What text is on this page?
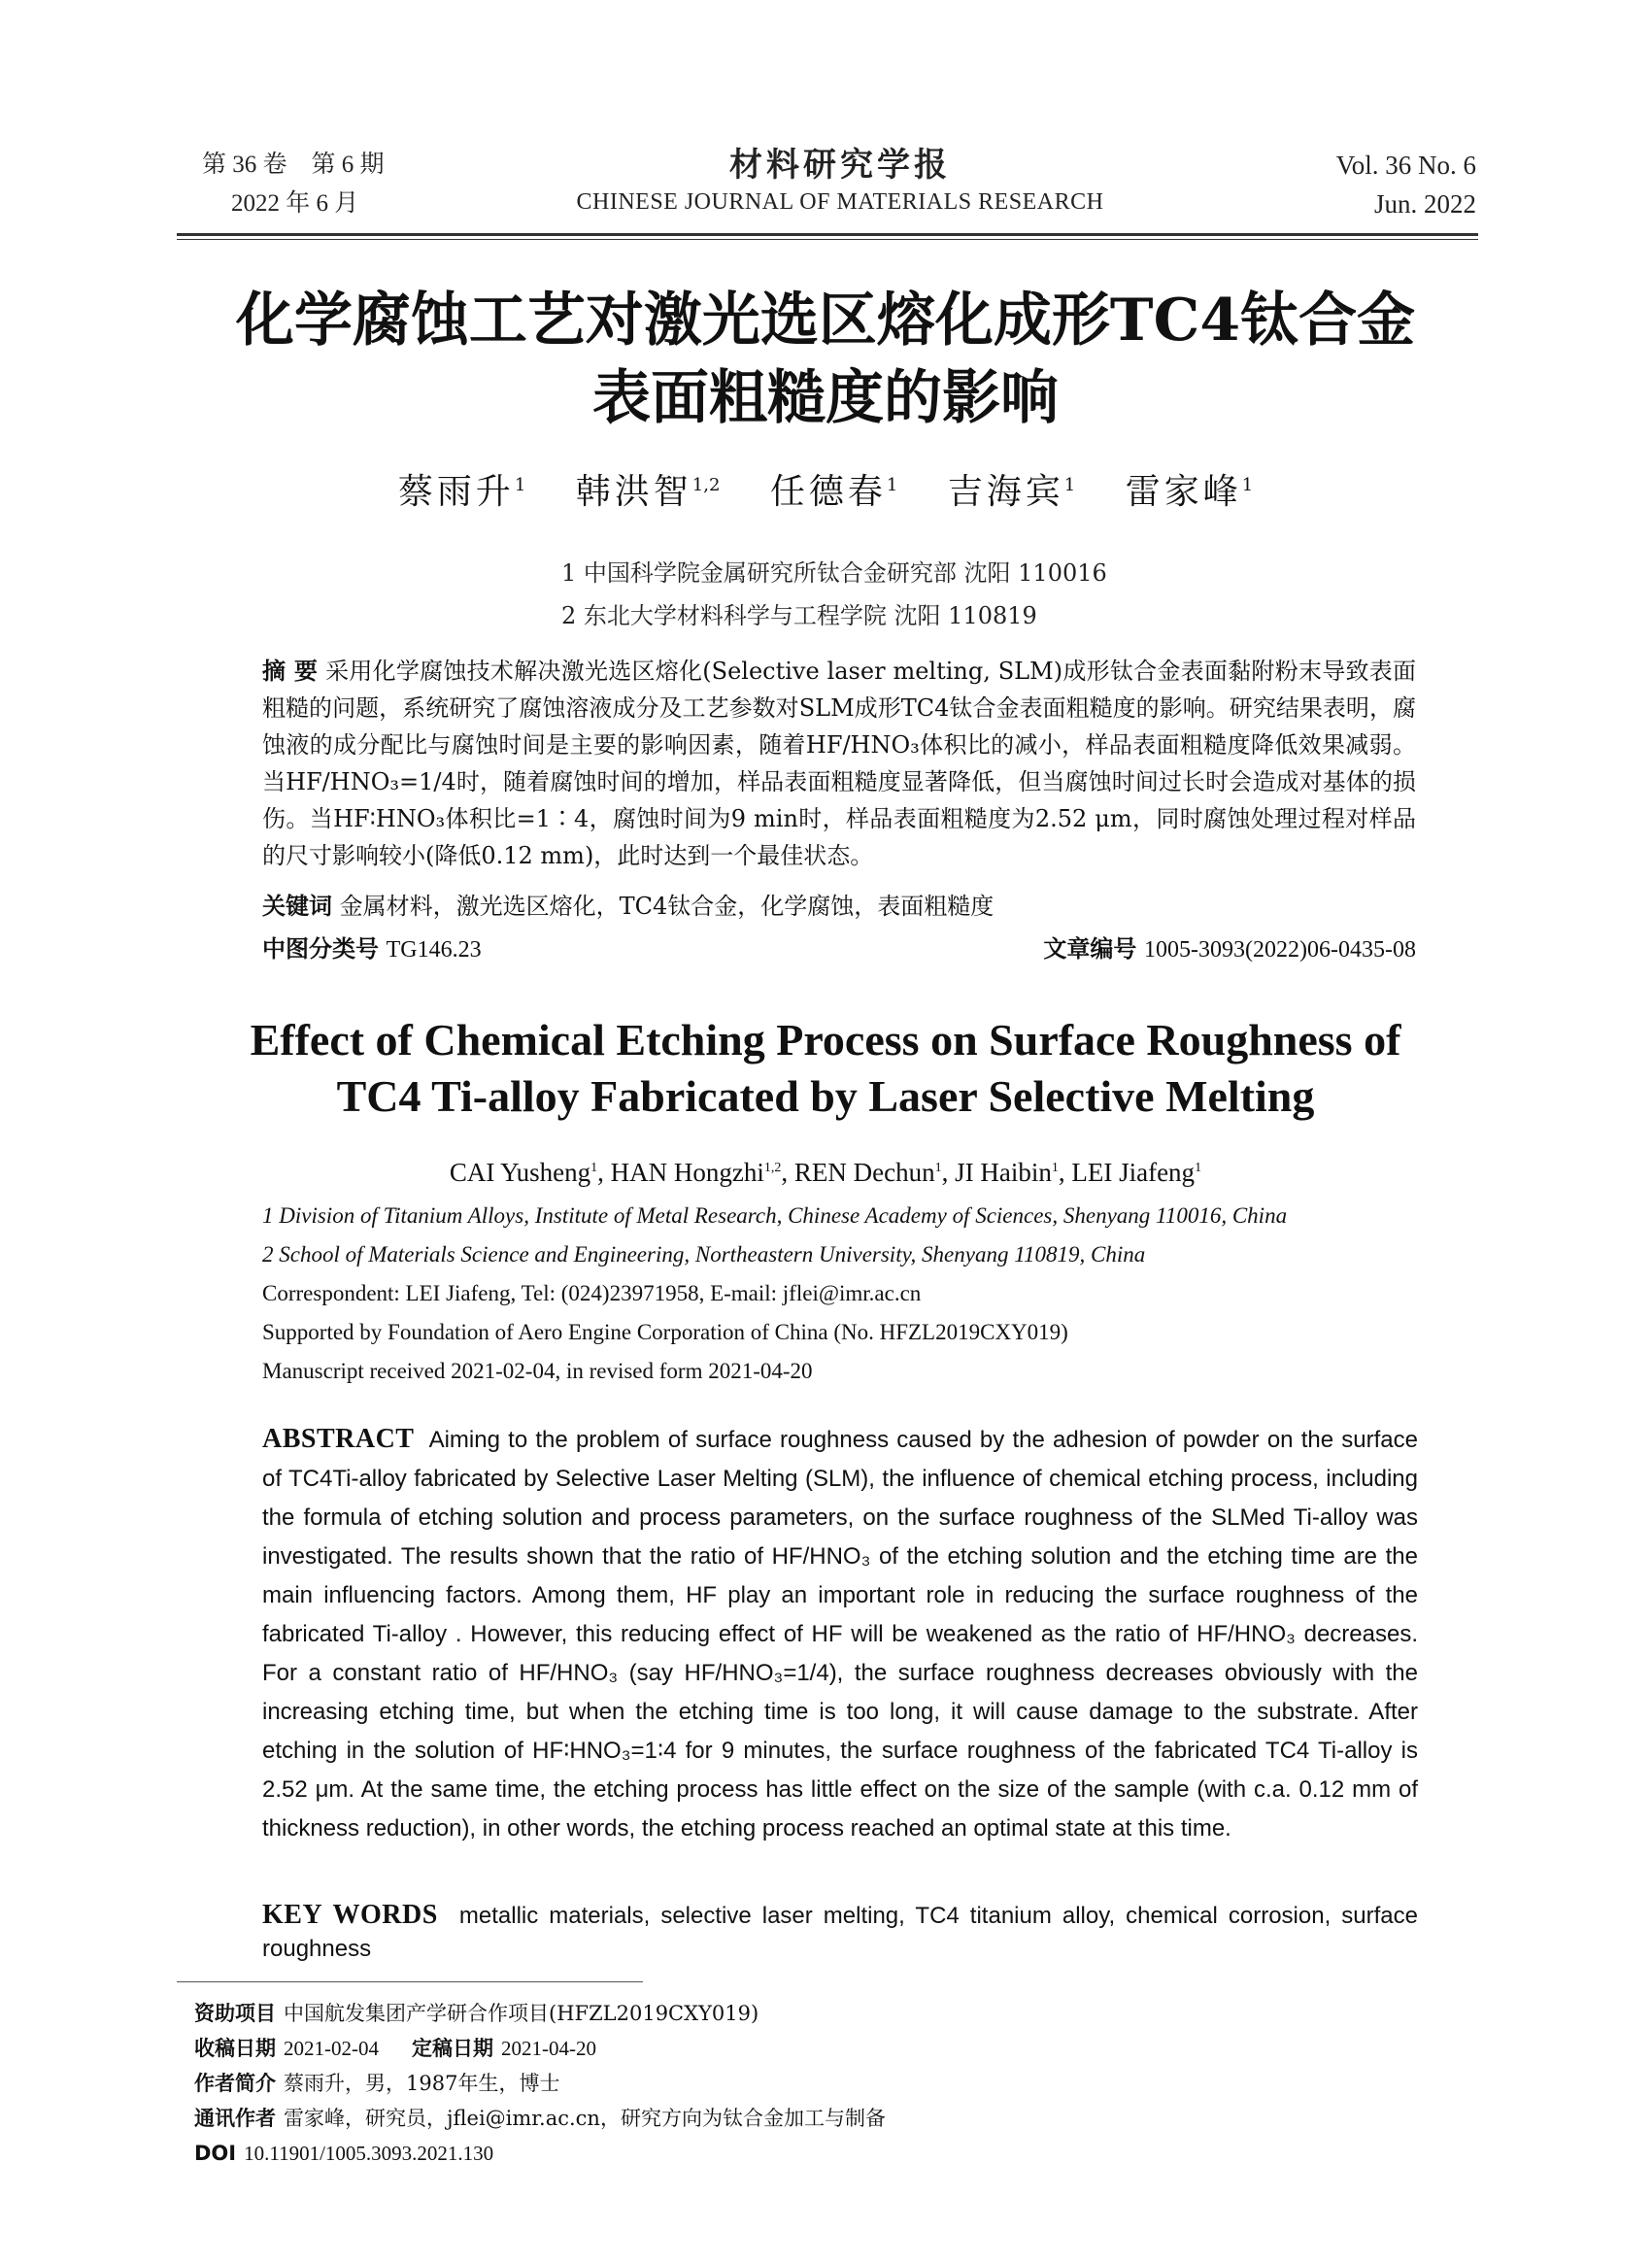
第 36 卷　第 6 期
2022 年 6 月
材料研究学报
CHINESE JOURNAL OF MATERIALS RESEARCH
Vol. 36 No. 6
Jun. 2022
化学腐蚀工艺对激光选区熔化成形TC4钛合金
表面粗糙度的影响
蔡雨升$^1$ 韩洪智$^{1,2}$ 任德春$^1$ 吉海宾$^1$ 雷家峰$^1$
1 中国科学院金属研究所钛合金研究部 沈阳 110016
2 东北大学材料科学与工程学院 沈阳 110819
摘 要 采用化学腐蚀技术解决激光选区熔化(Selective laser melting, SLM)成形钛合金表面黏附粉末导致表面粗糙的问题，系统研究了腐蚀溶液成分及工艺参数对SLM成形TC4钛合金表面粗糙度的影响。研究结果表明，腐蚀液的成分配比与腐蚀时间是主要的影响因素，随着HF/HNO₃体积比的减小，样品表面粗糙度降低效果减弱。当HF/HNO₃=1/4时，随着腐蚀时间的增加，样品表面粗糙度显著降低，但当腐蚀时间过长时会造成对基体的损伤。当HF∶HNO₃体积比=1∶4，腐蚀时间为9 min时，样品表面粗糙度为2.52 μm，同时腐蚀处理过程对样品的尺寸影响较小(降低0.12 mm)，此时达到一个最佳状态。
关键词 金属材料，激光选区熔化，TC4钛合金，化学腐蚀，表面粗糙度
中图分类号 TG146.23	文章编号 1005-3093(2022)06-0435-08
Effect of Chemical Etching Process on Surface Roughness of
TC4 Ti-alloy Fabricated by Laser Selective Melting
CAI Yusheng$^1$, HAN Hongzhi$^{1,2}$, REN Dechun$^1$, JI Haibin$^1$, LEI Jiafeng$^1$
1 Division of Titanium Alloys, Institute of Metal Research, Chinese Academy of Sciences, Shenyang 110016, China
2 School of Materials Science and Engineering, Northeastern University, Shenyang 110819, China
Correspondent: LEI Jiafeng, Tel: (024)23971958, E-mail: jflei@imr.ac.cn
Supported by Foundation of Aero Engine Corporation of China (No. HFZL2019CXY019)
Manuscript received 2021-02-04, in revised form 2021-04-20
ABSTRACT Aiming to the problem of surface roughness caused by the adhesion of powder on the surface of TC4Ti-alloy fabricated by Selective Laser Melting (SLM), the influence of chemical etching process, including the formula of etching solution and process parameters, on the surface roughness of the SLMed Ti-alloy was investigated. The results shown that the ratio of HF/HNO₃ of the etching solution and the etching time are the main influencing factors. Among them, HF play an important role in reducing the surface roughness of the fabricated Ti-alloy . However, this reducing effect of HF will be weakened as the ratio of HF/HNO₃ decreases. For a constant ratio of HF/HNO₃ (say HF/HNO₃=1/4), the surface roughness decreases obviously with the increasing etching time, but when the etching time is too long, it will cause damage to the substrate. After etching in the solution of HF∶HNO₃=1∶4 for 9 minutes, the surface roughness of the fabricated TC4 Ti-alloy is 2.52 μm. At the same time, the etching process has little effect on the size of the sample (with c.a. 0.12 mm of thickness reduction), in other words, the etching process reached an optimal state at this time.
KEY WORDS metallic materials, selective laser melting, TC4 titanium alloy, chemical corrosion, surface roughness
资助项目 中国航发集团产学研合作项目(HFZL2019CXY019)
收稿日期 2021-02-04 定稿日期 2021-04-20
作者简介 蔡雨升，男，1987年生，博士
通讯作者 雷家峰，研究员，jflei@imr.ac.cn，研究方向为钛合金加工与制备
DOI 10.11901/1005.3093.2021.130
